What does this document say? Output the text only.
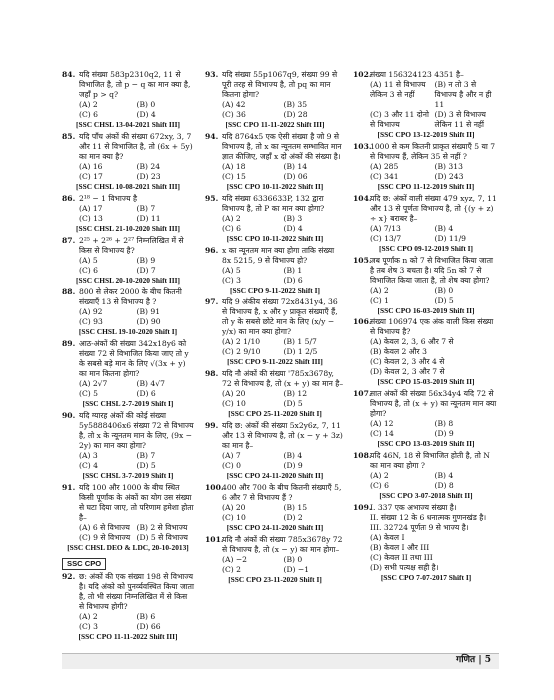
84. यदि संख्या 583p2310q2, 11 से विभाजित है, तो p − q का मान क्या है, जहाँ p > q?
(A) 2	(B) 0
(C) 6	(D) 4
[SSC CHSL 13-04-2021 Shift III]
85. यदि पाँच अंकों की संख्या 672xy, 3, 7 और 11 से विभाजित है, तो (6x + 5y) का मान क्या है?
(A) 16	(B) 24
(C) 17	(D) 23
[SSC CHSL 10-08-2021 Shift III]
86. 2¹⁸ − 1 विभाज्य है
(A) 17	(B) 7
(C) 13	(D) 11
[SSC CHSL 21-10-2020 Shift III]
87. 2²⁵ + 2²⁶ + 2²⁷ निम्नलिखित में से किस से विभाज्य है?
(A) 5	(B) 9
(C) 6	(D) 7
[SSC CHSL 20-10-2020 Shift III]
88. 800 से लेकर 2000 के बीच कितनी संख्याएँ 13 से विभाज्य है ?
(A) 92	(B) 91
(C) 93	(D) 90
[SSC CHSL 19-10-2020 Shift I]
89. आठ-अंकों की संख्या 342x18y6 को संख्या 72 से विभाजित किया जाए तो y के सबसे बड़े मान के लिए √(3x + y) का मान कितना होगा?
(A) 2√7	(B) 4√7
(C) 5	(D) 6
[SSC CHSL 2-7-2019 Shift I]
90. यदि ग्यारह अंकों की कोई संख्या 5y5888406x6 संख्या 72 से विभाज्य है, तो x के न्यूनतम मान के लिए, (9x − 2y) का मान क्या होगा?
(A) 3	(B) 7
(C) 4	(D) 5
[SSC CHSL 3-7-2019 Shift I]
91. यदि 100 और 1000 के बीच स्थित किसी पूर्णांक के अंकों का योग उस संख्या से घटा दिया जाए, तो परिणाम हमेशा होता है–
(A) 6 से विभाज्य (B) 2 से विभाज्य
(C) 9 से विभाज्य (D) 5 से विभाज्य
[SSC CHSL DEO & LDC, 20-10-2013]
SSC CPO
92. छ: अंकों की एक संख्या 198 से विभाज्य है। यदि अंको को पुनर्व्यवस्थित किया जाता है, तो भी संख्या निम्नलिखित में से किस से विभाज्य होगी?
(A) 2	(B) 6
(C) 3	(D) 66
[SSC CPO 11-11-2022 Shift III]
93. यदि संख्या 55p1067q9, संख्या 99 से पूरी तरह से विभाज्य है, तो pq का मान कितना होगा?
(A) 42	(B) 35
(C) 36	(D) 28
[SSC CPO 11-11-2022 Shift III]
94. यदि 8764x5 एक ऐसी संख्या है जो 9 से विभाज्य है, तो x का न्यूनतम सम्भावित मान ज्ञात कीजिए, जहाँ x दो अंकों की संख्या है।
(A) 18	(B) 14
(C) 15	(D) 06
[SSC CPO 10-11-2022 Shift II]
95. यदि संख्या 6336633P, 132 द्वारा विभाज्य है, तो P का मान क्या होगा?
(A) 2	(B) 3
(C) 6	(D) 4
[SSC CPO 10-11-2022 Shift II]
96. x का न्यूनतम मान क्या होगा ताकि संख्या 8x 5215, 9 से विभाज्य हो?
(A) 5	(B) 1
(C) 3	(D) 6
[SSC CPO 9-11-2022 Shift I]
97. यदि 9 अंकीय संख्या 72x8431y4, 36 से विभाज्य है, x और y प्राकृत संख्याएँ हैं, तो y के सबसे छोटे मान के लिए (x/y − y/x) का मान क्या होगा?
(A) 2 1/10	(B) 1 5/7
(C) 2 9/10	(D) 1 2/5
[SSC CPO 9-11-2022 Shift III]
98. यदि नौ अंकों की संख्या '785x3678y, 72 से विभाज्य है, तो (x + y) का मान है–
(A) 20	(B) 12
(C) 10	(D) 5
[SSC CPO 25-11-2020 Shift I]
99. यदि छ: अंकों की संख्या 5x2y6z, 7, 11 और 13 से विभाज्य है, तो (x − y + 3z) का मान है–
(A) 7	(B) 4
(C) 0	(D) 9
[SSC CPO 24-11-2020 Shift II]
100.
400 और 700 के बीच कितनी संख्याएँ 5, 6 और 7 से विभाज्य हैं ?
(A) 20	(B) 15
(C) 10	(D) 2
[SSC CPO 24-11-2020 Shift II]
101.
यदि नौ अंकों की संख्या 785x3678y 72 से विभाज्य है, तो (x − y) का मान होगा–
(A) −2	(B) 0
(C) 2	(D) −1
[SSC CPO 23-11-2020 Shift I]
102.
संख्या 156324123 4351 है–
(A) 11 से विभाज्य लेकिन 3 से नहीं
(B) न तो 3 से विभाज्य है और न ही 11
(C) 3 और 11 दोनो से विभाज्य
(D) 3 से विभाज्य लेकिन 11 से नहीं
[SSC CPO 13-12-2019 Shift II]
103.
1000 से कम कितनी प्राकृत संख्याएँ 5 या 7 से विभाज्य हैं, लेकिन 35 से नहीं ?
(A) 285	(B) 313
(C) 341	(D) 243
[SSC CPO 11-12-2019 Shift II]
104.
यदि छ: अंकों वाली संख्या 479 xyz, 7, 11 और 13 से पूर्णतः विभाज्य है, तो {(y + z) ÷ x} बराबर है–
(A) 7/13	(B) 4
(C) 13/7	(D) 11/9
[SSC CPO 09-12-2019 Shift I]
105.
जब पूर्णांक n को 7 से विभाजित किया जाता है तब शेष 3 बचता है। यदि 5n को 7 से विभाजित किया जाता है, तो शेष क्या होगा?
(A) 2	(B) 0
(C) 1	(D) 5
[SSC CPO 16-03-2019 Shift II]
106.
संख्या 106974 एक अंक वाली किस संख्या से विभाज्य है?
(A) केवल 2, 3, 6 और 7 से
(B) केवल 2 और 3
(C) केवल 2, 3 और 4 से
(D) केवल 2, 3 और 7 से
[SSC CPO 15-03-2019 Shift II]
107.
सात अंकों की संख्या 56x34y4 यदि 72 से विभाज्य है, तो (x + y) का न्यूनतम मान क्या होगा?
(A) 12	(B) 8
(C) 14	(D) 9
[SSC CPO 13-03-2019 Shift II]
108.
यदि 46N, 18 से विभाजित होती है, तो N का मान क्या होगा ?
(A) 2	(B) 4
(C) 6	(D) 8
[SSC CPO 3-07-2018 Shift II]
109.
I. 337 एक अभाज्य संख्या है।
II. संख्या 12 के 6 धनात्मक गुणनखंड है।
III. 32724 पूर्णतः 9 से भाज्य है।
(A) केवल I
(B) केवल I और III
(C) केवल II तथा III
(D) सभी पत्यक्ष सही है।
[SSC CPO 7-07-2017 Shift I]
गणित | 5
